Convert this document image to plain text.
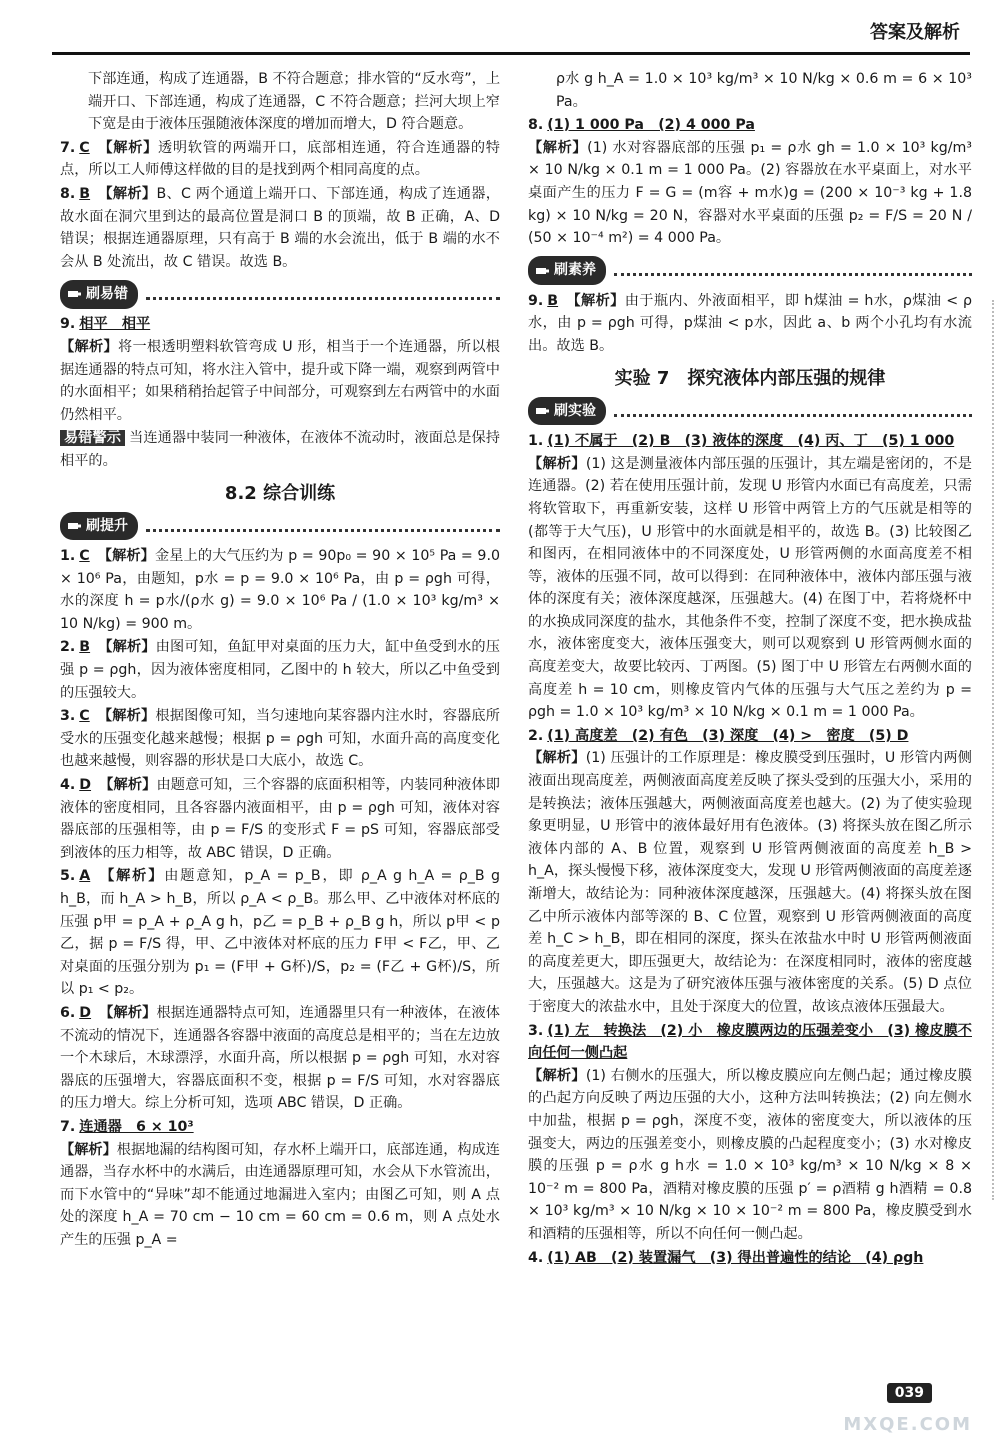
答案及解析

下部连通，构成了连通器，B 不符合题意；排水管的“反水弯”，上端开口、下部连通，构成了连通器，C 不符合题意；拦河大坝上窄下宽是由于液体压强随液体深度的增加而增大，D 符合题意。

7. C 【解析】透明软管的两端开口，底部相连通，符合连通器的特点，所以工人师傅这样做的目的是找到两个相同高度的点。

8. B 【解析】B、C 两个通道上端开口、下部连通，构成了连通器，故水面在洞穴里到达的最高位置是洞口 B 的顶端，故 B 正确，A、D 错误；根据连通器原理，只有高于 B 端的水会流出，低于 B 端的水不会从 B 处流出，故 C 错误。故选 B。

刷易错

9. 相平　相平
【解析】将一根透明塑料软管弯成 U 形，相当于一个连通器，所以根据连通器的特点可知，将水注入管中，提升或下降一端，观察到两管中的水面相平；如果稍稍抬起管子中间部分，可观察到左右两管中的水面仍然相平。

易错警示 当连通器中装同一种液体，在液体不流动时，液面总是保持相平的。

8.2 综合训练
刷提升

1. C 【解析】金星上的大气压约为 p = 90p₀ = 90 × 10⁵ Pa = 9.0 × 10⁶ Pa，由题知，p水 = p = 9.0 × 10⁶ Pa，由 p = ρgh 可得，水的深度 h = p水/(ρ水 g) = 9.0 × 10⁶ Pa / (1.0 × 10³ kg/m³ × 10 N/kg) = 900 m。

2. B 【解析】由图可知，鱼缸甲对桌面的压力大，缸中鱼受到水的压强 p = ρgh，因为液体密度相同，乙图中的 h 较大，所以乙中鱼受到的压强较大。

3. C 【解析】根据图像可知，当匀速地向某容器内注水时，容器底所受水的压强变化越来越慢；根据 p = ρgh 可知，水面升高的高度变化也越来越慢，则容器的形状是口大底小，故选 C。

4. D 【解析】由题意可知，三个容器的底面积相等，内装同种液体即液体的密度相同，且各容器内液面相平，由 p = ρgh 可知，液体对容器底部的压强相等，由 p = F/S 的变形式 F = pS 可知，容器底部受到液体的压力相等，故 ABC 错误，D 正确。

5. A 【解析】由题意知，p_A = p_B，即 ρ_A g h_A = ρ_B g h_B，而 h_A > h_B，所以 ρ_A < ρ_B。那么甲、乙中液体对杯底的压强 p甲 = p_A + ρ_A g h，p乙 = p_B + ρ_B g h，所以 p甲 < p乙，据 p = F/S 得，甲、乙中液体对杯底的压力 F甲 < F乙，甲、乙对桌面的压强分别为 p₁ = (F甲 + G杯)/S，p₂ = (F乙 + G杯)/S，所以 p₁ < p₂。

6. D 【解析】根据连通器特点可知，连通器里只有一种液体，在液体不流动的情况下，连通器各容器中液面的高度总是相平的；当在左边放一个木球后，木球漂浮，水面升高，所以根据 p = ρgh 可知，水对容器底的压强增大，容器底面积不变，根据 p = F/S 可知，水对容器底的压力增大。综上分析可知，选项 ABC 错误，D 正确。

7. 连通器　6 × 10³
【解析】根据地漏的结构图可知，存水杯上端开口，底部连通，构成连通器，当存水杯中的水满后，由连通器原理可知，水会从下水管流出，而下水管中的“异味”却不能通过地漏进入室内；由图乙可知，则 A 点处的深度 h_A = 70 cm − 10 cm = 60 cm = 0.6 m，则 A 点处水产生的压强 p_A =

ρ水 g h_A = 1.0 × 10³ kg/m³ × 10 N/kg × 0.6 m = 6 × 10³ Pa。

8. (1) 1 000 Pa　(2) 4 000 Pa
【解析】(1) 水对容器底部的压强 p₁ = ρ水 gh = 1.0 × 10³ kg/m³ × 10 N/kg × 0.1 m = 1 000 Pa。(2) 容器放在水平桌面上，对水平桌面产生的压力 F = G = (m容 + m水)g = (200 × 10⁻³ kg + 1.8 kg) × 10 N/kg = 20 N，容器对水平桌面的压强 p₂ = F/S = 20 N / (50 × 10⁻⁴ m²) = 4 000 Pa。

刷素养

9. B 【解析】由于瓶内、外液面相平，即 h煤油 = h水，ρ煤油 < ρ水，由 p = ρgh 可得，p煤油 < p水，因此 a、b 两个小孔均有水流出。故选 B。

实验 7　探究液体内部压强的规律
刷实验

1. (1) 不属于　(2) B　(3) 液体的深度　(4) 丙、丁　(5) 1 000
【解析】(1) 这是测量液体内部压强的压强计，其左端是密闭的，不是连通器。(2) 若在使用压强计前，发现 U 形管内水面已有高度差，只需将软管取下，再重新安装，这样 U 形管中两管上方的气压就是相等的(都等于大气压)，U 形管中的水面就是相平的，故选 B。(3) 比较图乙和图丙，在相同液体中的不同深度处，U 形管两侧的水面高度差不相等，液体的压强不同，故可以得到：在同种液体中，液体内部压强与液体的深度有关；液体深度越深，压强越大。(4) 在图丁中，若将烧杯中的水换成同深度的盐水，其他条件不变，控制了深度不变，把水换成盐水，液体密度变大，液体压强变大，则可以观察到 U 形管两侧水面的高度差变大，故要比较丙、丁两图。(5) 图丁中 U 形管左右两侧水面的高度差 h = 10 cm，则橡皮管内气体的压强与大气压之差约为 p = ρgh = 1.0 × 10³ kg/m³ × 10 N/kg × 0.1 m = 1 000 Pa。

2. (1) 高度差　(2) 有色　(3) 深度　(4) >　密度　(5) D
【解析】(1) 压强计的工作原理是：橡皮膜受到压强时，U 形管内两侧液面出现高度差，两侧液面高度差反映了探头受到的压强大小，采用的是转换法；液体压强越大，两侧液面高度差也越大。(2) 为了使实验现象更明显，U 形管中的液体最好用有色液体。(3) 将探头放在图乙所示液体内部的 A、B 位置，观察到 U 形管两侧液面的高度差 h_B > h_A，探头慢慢下移，液体深度变大，发现 U 形管两侧液面的高度差逐渐增大，故结论为：同种液体深度越深，压强越大。(4) 将探头放在图乙中所示液体内部等深的 B、C 位置，观察到 U 形管两侧液面的高度差 h_C > h_B，即在相同的深度，探头在浓盐水中时 U 形管两侧液面的高度差更大，即压强更大，故结论为：在深度相同时，液体的密度越大，压强越大。这是为了研究液体压强与液体密度的关系。(5) D 点位于密度大的浓盐水中，且处于深度大的位置，故该点液体压强最大。

3. (1) 左　转换法　(2) 小　橡皮膜两边的压强差变小　(3) 橡皮膜不向任何一侧凸起
【解析】(1) 右侧水的压强大，所以橡皮膜应向左侧凸起；通过橡皮膜的凸起方向反映了两边压强的大小，这种方法叫转换法；(2) 向左侧水中加盐，根据 p = ρgh，深度不变，液体的密度变大，所以液体的压强变大，两边的压强差变小，则橡皮膜的凸起程度变小；(3) 水对橡皮膜的压强 p = ρ水 g h水 = 1.0 × 10³ kg/m³ × 10 N/kg × 8 × 10⁻² m = 800 Pa，酒精对橡皮膜的压强 p′ = ρ酒精 g h酒精 = 0.8 × 10³ kg/m³ × 10 N/kg × 10 × 10⁻² m = 800 Pa，橡皮膜受到水和酒精的压强相等，所以不向任何一侧凸起。

4. (1) AB　(2) 装置漏气　(3) 得出普遍性的结论　(4) ρgh

039
MXQE.COM
